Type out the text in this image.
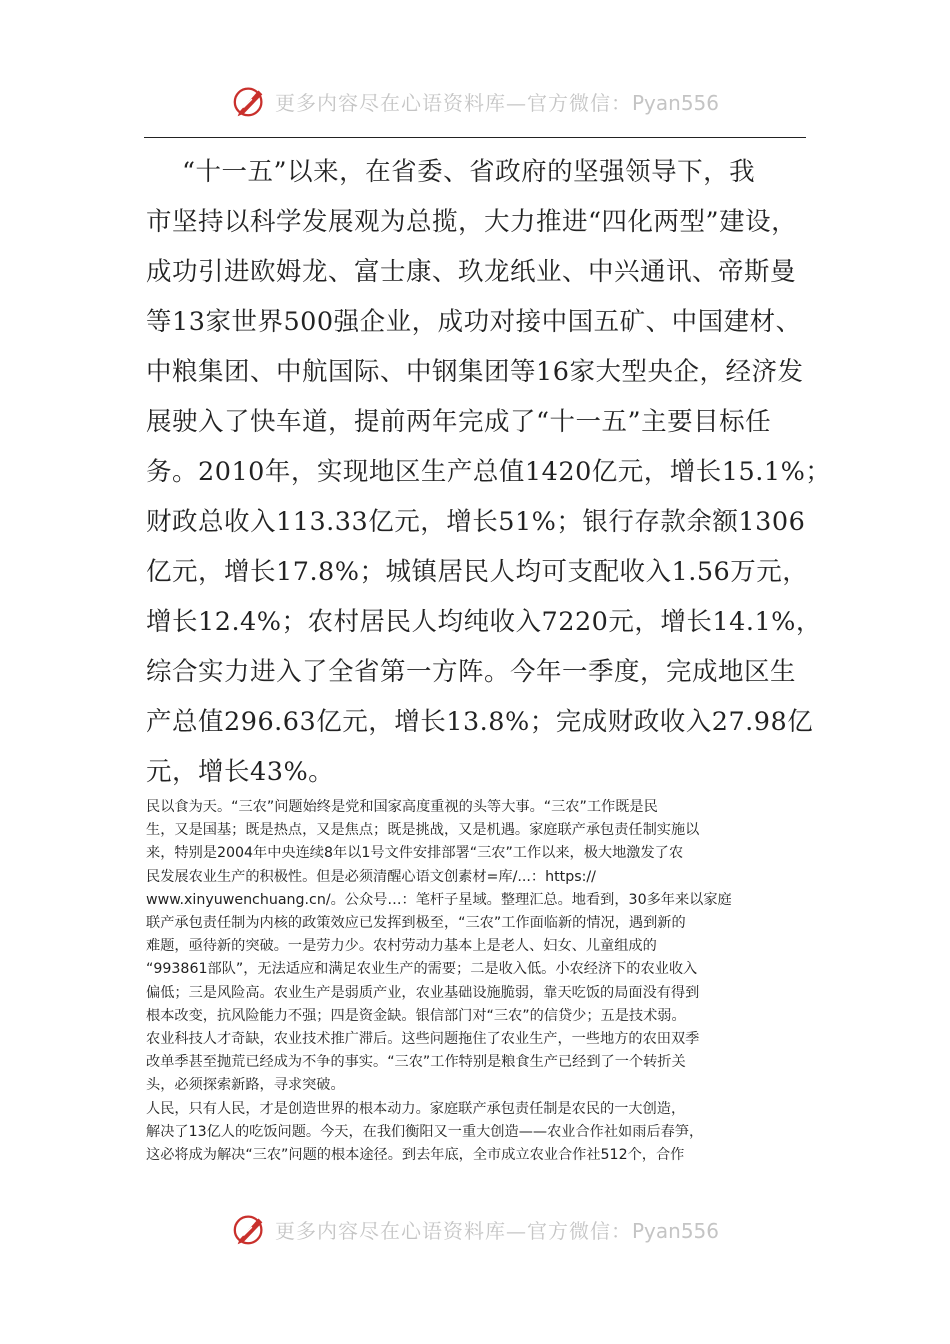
更多内容尽在心语资料库—官方微信：Pyan556
“十一五”以来，在省委、省政府的坚强领导下，我
市坚持以科学发展观为总揽，大力推进“四化两型”建设，
成功引进欧姆龙、富士康、玖龙纸业、中兴通讯、帝斯曼
等13家世界500强企业，成功对接中国五矿、中国建材、
中粮集团、中航国际、中钢集团等16家大型央企，经济发
展驶入了快车道，提前两年完成了“十一五”主要目标任
务。2010年，实现地区生产总值1420亿元，增长15.1%；
财政总收入113.33亿元，增长51%；银行存款余额1306
亿元，增长17.8%；城镇居民人均可支配收入1.56万元，
增长12.4%；农村居民人均纯收入7220元，增长14.1%，
综合实力进入了全省第一方阵。今年一季度，完成地区生
产总值296.63亿元，增长13.8%；完成财政收入27.98亿
元，增长43%。
民以食为天。“三农”问题始终是党和国家高度重视的头等大事。“三农”工作既是民
生，又是国基；既是热点，又是焦点；既是挑战，又是机遇。家庭联产承包责任制实施以
来，特别是2004年中央连续8年以1号文件安排部署“三农”工作以来，极大地激发了农
民发展农业生产的积极性。但是必须清醒心语文创素材=库/...：https://
www.xinyuwenchuang.cn/。公众号…：笔杆子星域。整理汇总。地看到，30多年来以家庭
联产承包责任制为内核的政策效应已发挥到极至，“三农”工作面临新的情况，遇到新的
难题，亟待新的突破。一是劳力少。农村劳动力基本上是老人、妇女、儿童组成的
“993861部队”，无法适应和满足农业生产的需要；二是收入低。小农经济下的农业收入
偏低；三是风险高。农业生产是弱质产业，农业基础设施脆弱，靠天吃饭的局面没有得到
根本改变，抗风险能力不强；四是资金缺。银信部门对“三农”的信贷少；五是技术弱。
农业科技人才奇缺，农业技术推广滞后。这些问题拖住了农业生产，一些地方的农田双季
改单季甚至抛荒已经成为不争的事实。“三农”工作特别是粮食生产已经到了一个转折关
头，必须探索新路，寻求突破。
人民，只有人民，才是创造世界的根本动力。家庭联产承包责任制是农民的一大创造，
解决了13亿人的吃饭问题。今天，在我们衡阳又一重大创造——农业合作社如雨后春笋，
这必将成为解决“三农”问题的根本途径。到去年底，全市成立农业合作社512个，合作
更多内容尽在心语资料库—官方微信：Pyan556
